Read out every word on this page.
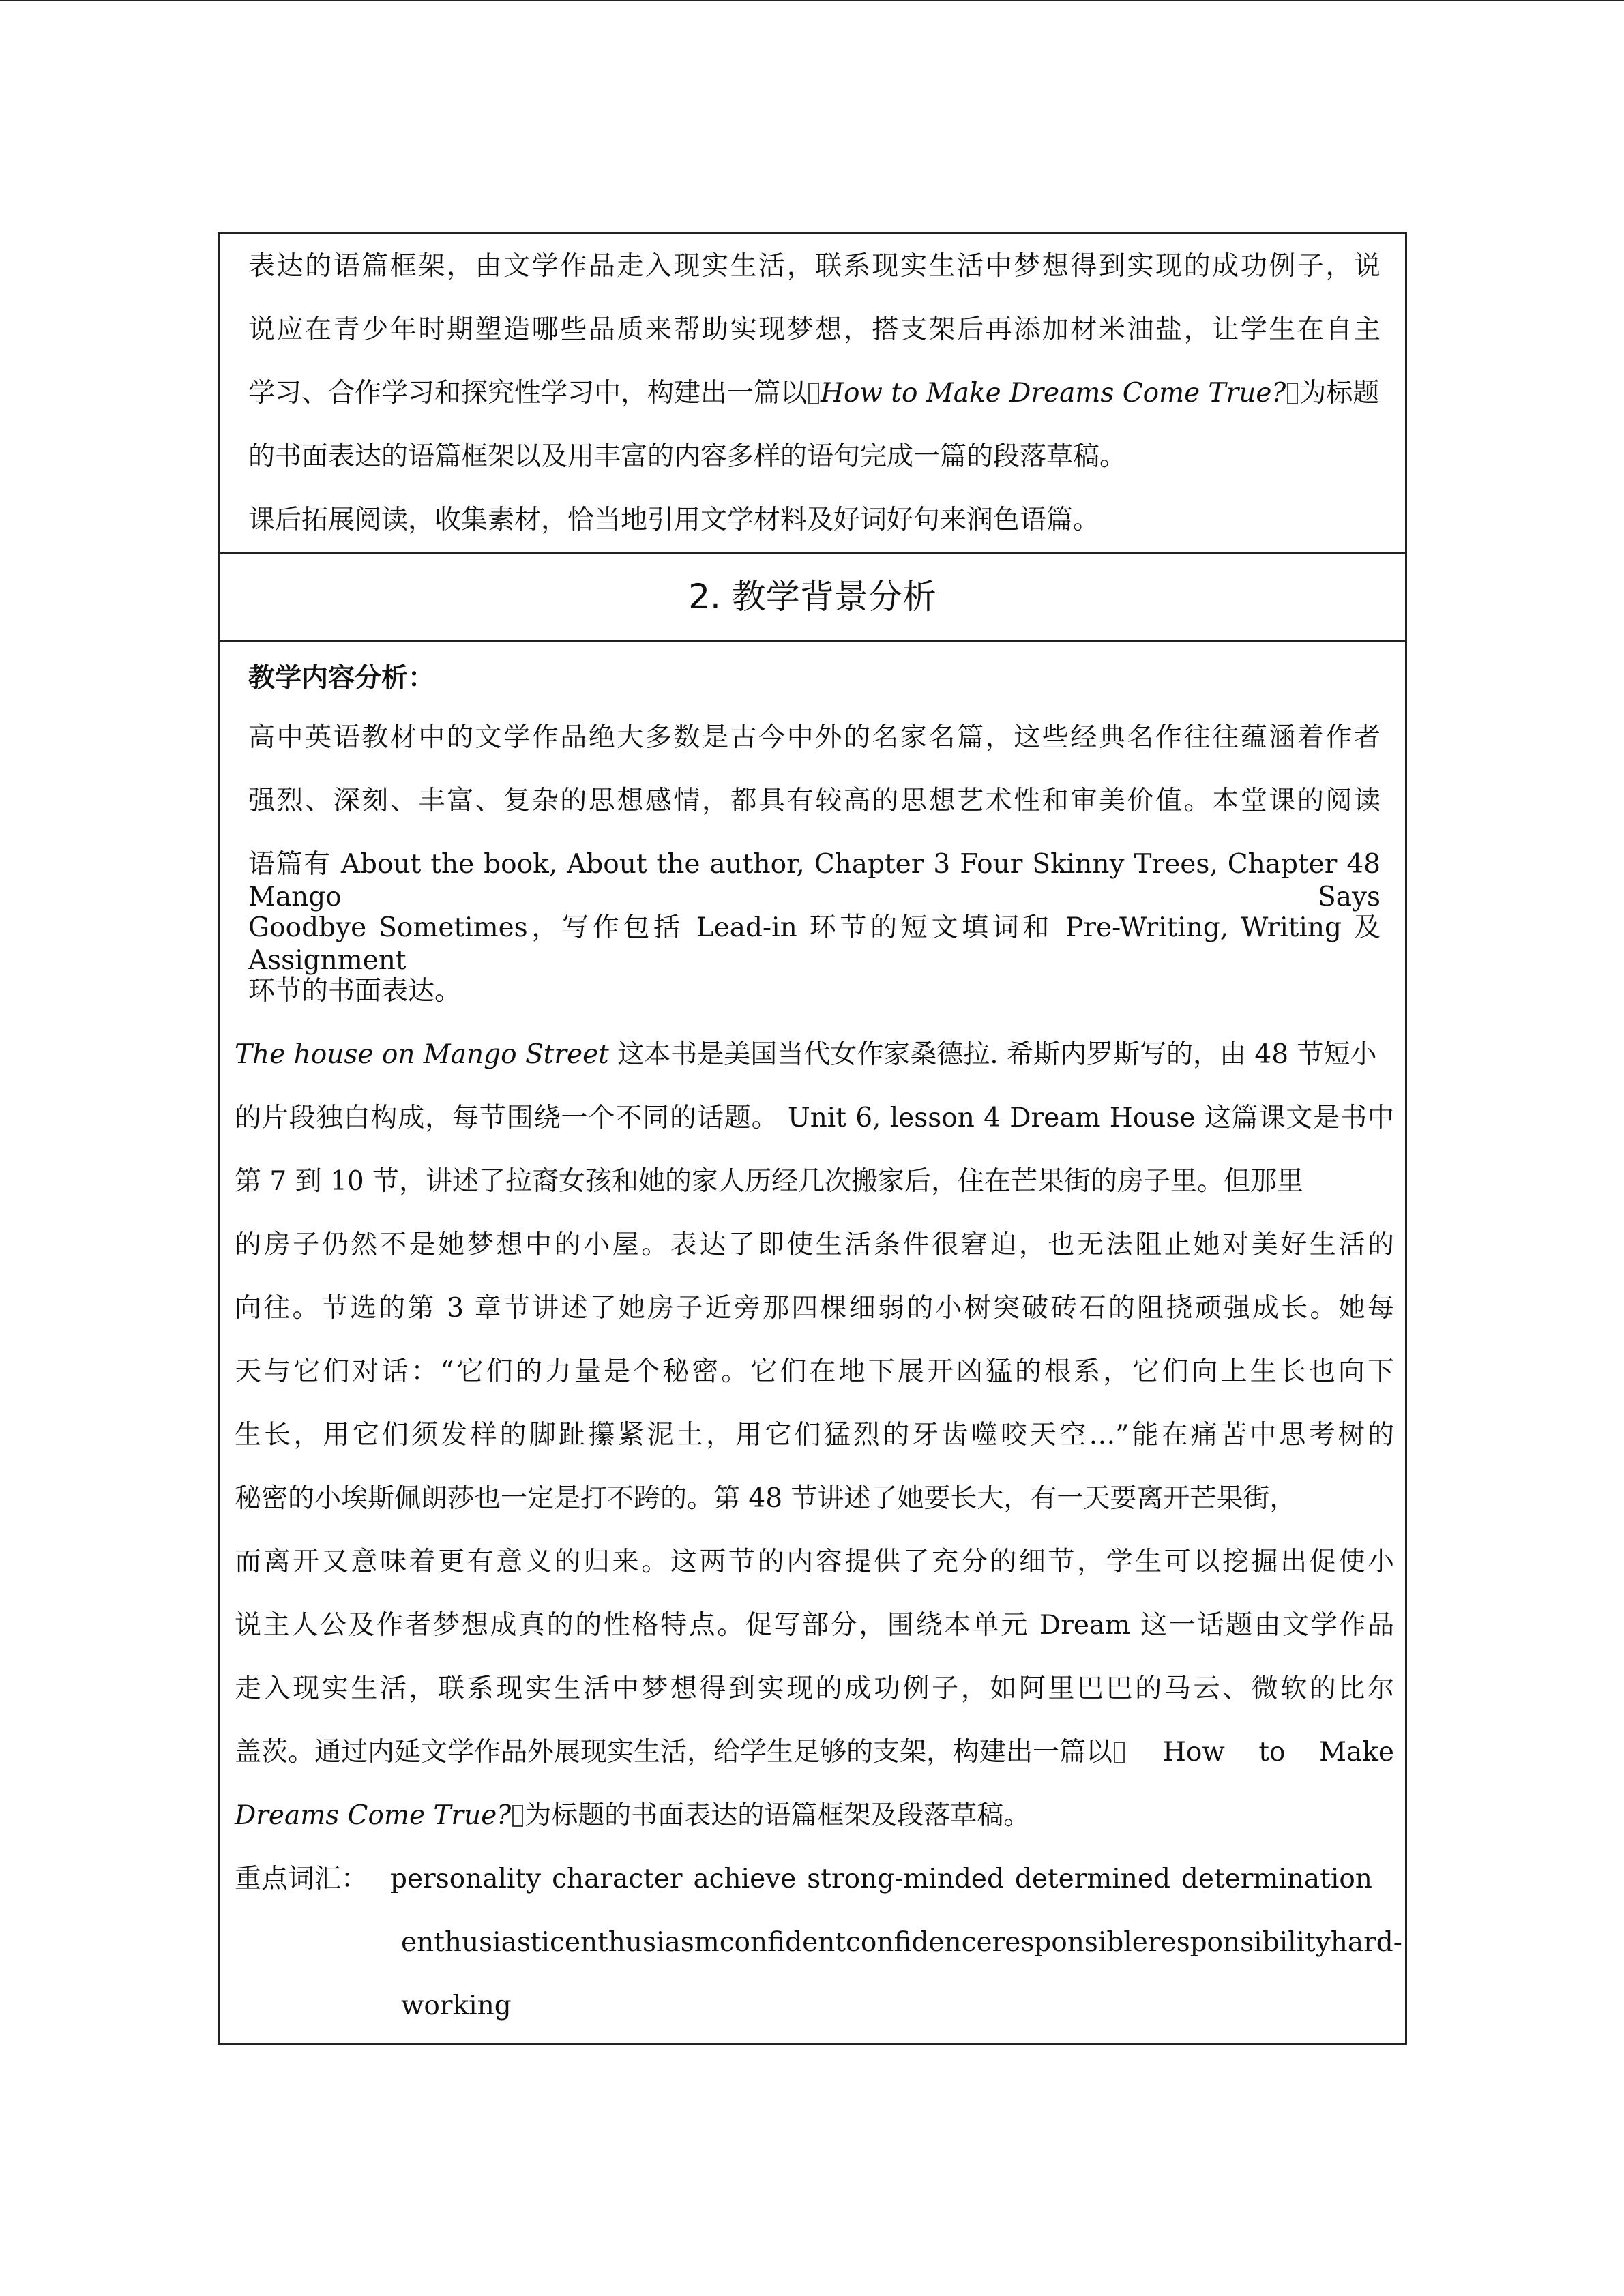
表达的语篇框架，由文学作品走入现实生活，联系现实生活中梦想得到实现的成功例子，说
说应在青少年时期塑造哪些品质来帮助实现梦想，搭支架后再添加材米油盐，让学生在自主
学习、合作学习和探究性学习中，构建出一篇以 How to Make Dreams Come True? 为标题
的书面表达的语篇框架以及用丰富的内容多样的语句完成一篇的段落草稿。
课后拓展阅读，收集素材，恰当地引用文学材料及好词好句来润色语篇。
2. 教学背景分析
教学内容分析：
高中英语教材中的文学作品绝大多数是古今中外的名家名篇，这些经典名作往往蕴涵着作者
强烈、深刻、丰富、复杂的思想感情，都具有较高的思想艺术性和审美价值。本堂课的阅读
语篇有 About the book, About the author, Chapter 3 Four Skinny Trees, Chapter 48 Mango Says
Goodbye Sometimes，写作包括 Lead-in 环节的短文填词和 Pre-Writing, Writing 及 Assignment
环节的书面表达。
The house on Mango Street 这本书是美国当代女作家桑德拉. 希斯内罗斯写的，由 48 节短小
的片段独白构成，每节围绕一个不同的话题。 Unit 6, lesson 4 Dream House 这篇课文是书中
第 7 到 10 节，讲述了拉裔女孩和她的家人历经几次搬家后，住在芒果街的房子里。但那里
的房子仍然不是她梦想中的小屋。表达了即使生活条件很窘迫，也无法阻止她对美好生活的
向往。节选的第 3 章节讲述了她房子近旁那四棵细弱的小树突破砖石的阻挠顽强成长。她每
天与它们对话：“它们的力量是个秘密。它们在地下展开凶猛的根系，它们向上生长也向下
生长，用它们须发样的脚趾攥紧泥土，用它们猛烈的牙齿噬咬天空…”能在痛苦中思考树的
秘密的小埃斯佩朗莎也一定是打不跨的。第 48 节讲述了她要长大，有一天要离开芒果街，
而离开又意味着更有意义的归来。这两节的内容提供了充分的细节，学生可以挖掘出促使小
说主人公及作者梦想成真的的性格特点。促写部分，围绕本单元 Dream 这一话题由文学作品
走入现实生活，联系现实生活中梦想得到实现的成功例子，如阿里巴巴的马云、微软的比尔
盖茨。通过内延文学作品外展现实生活，给学生足够的支架，构建出一篇以 How    to    Make
Dreams Come True? 为标题的书面表达的语篇框架及段落草稿。
重点词汇： personality character achieve strong-minded determined determination
enthusiastic enthusiasm confident confidence responsible responsibility hard-
working
